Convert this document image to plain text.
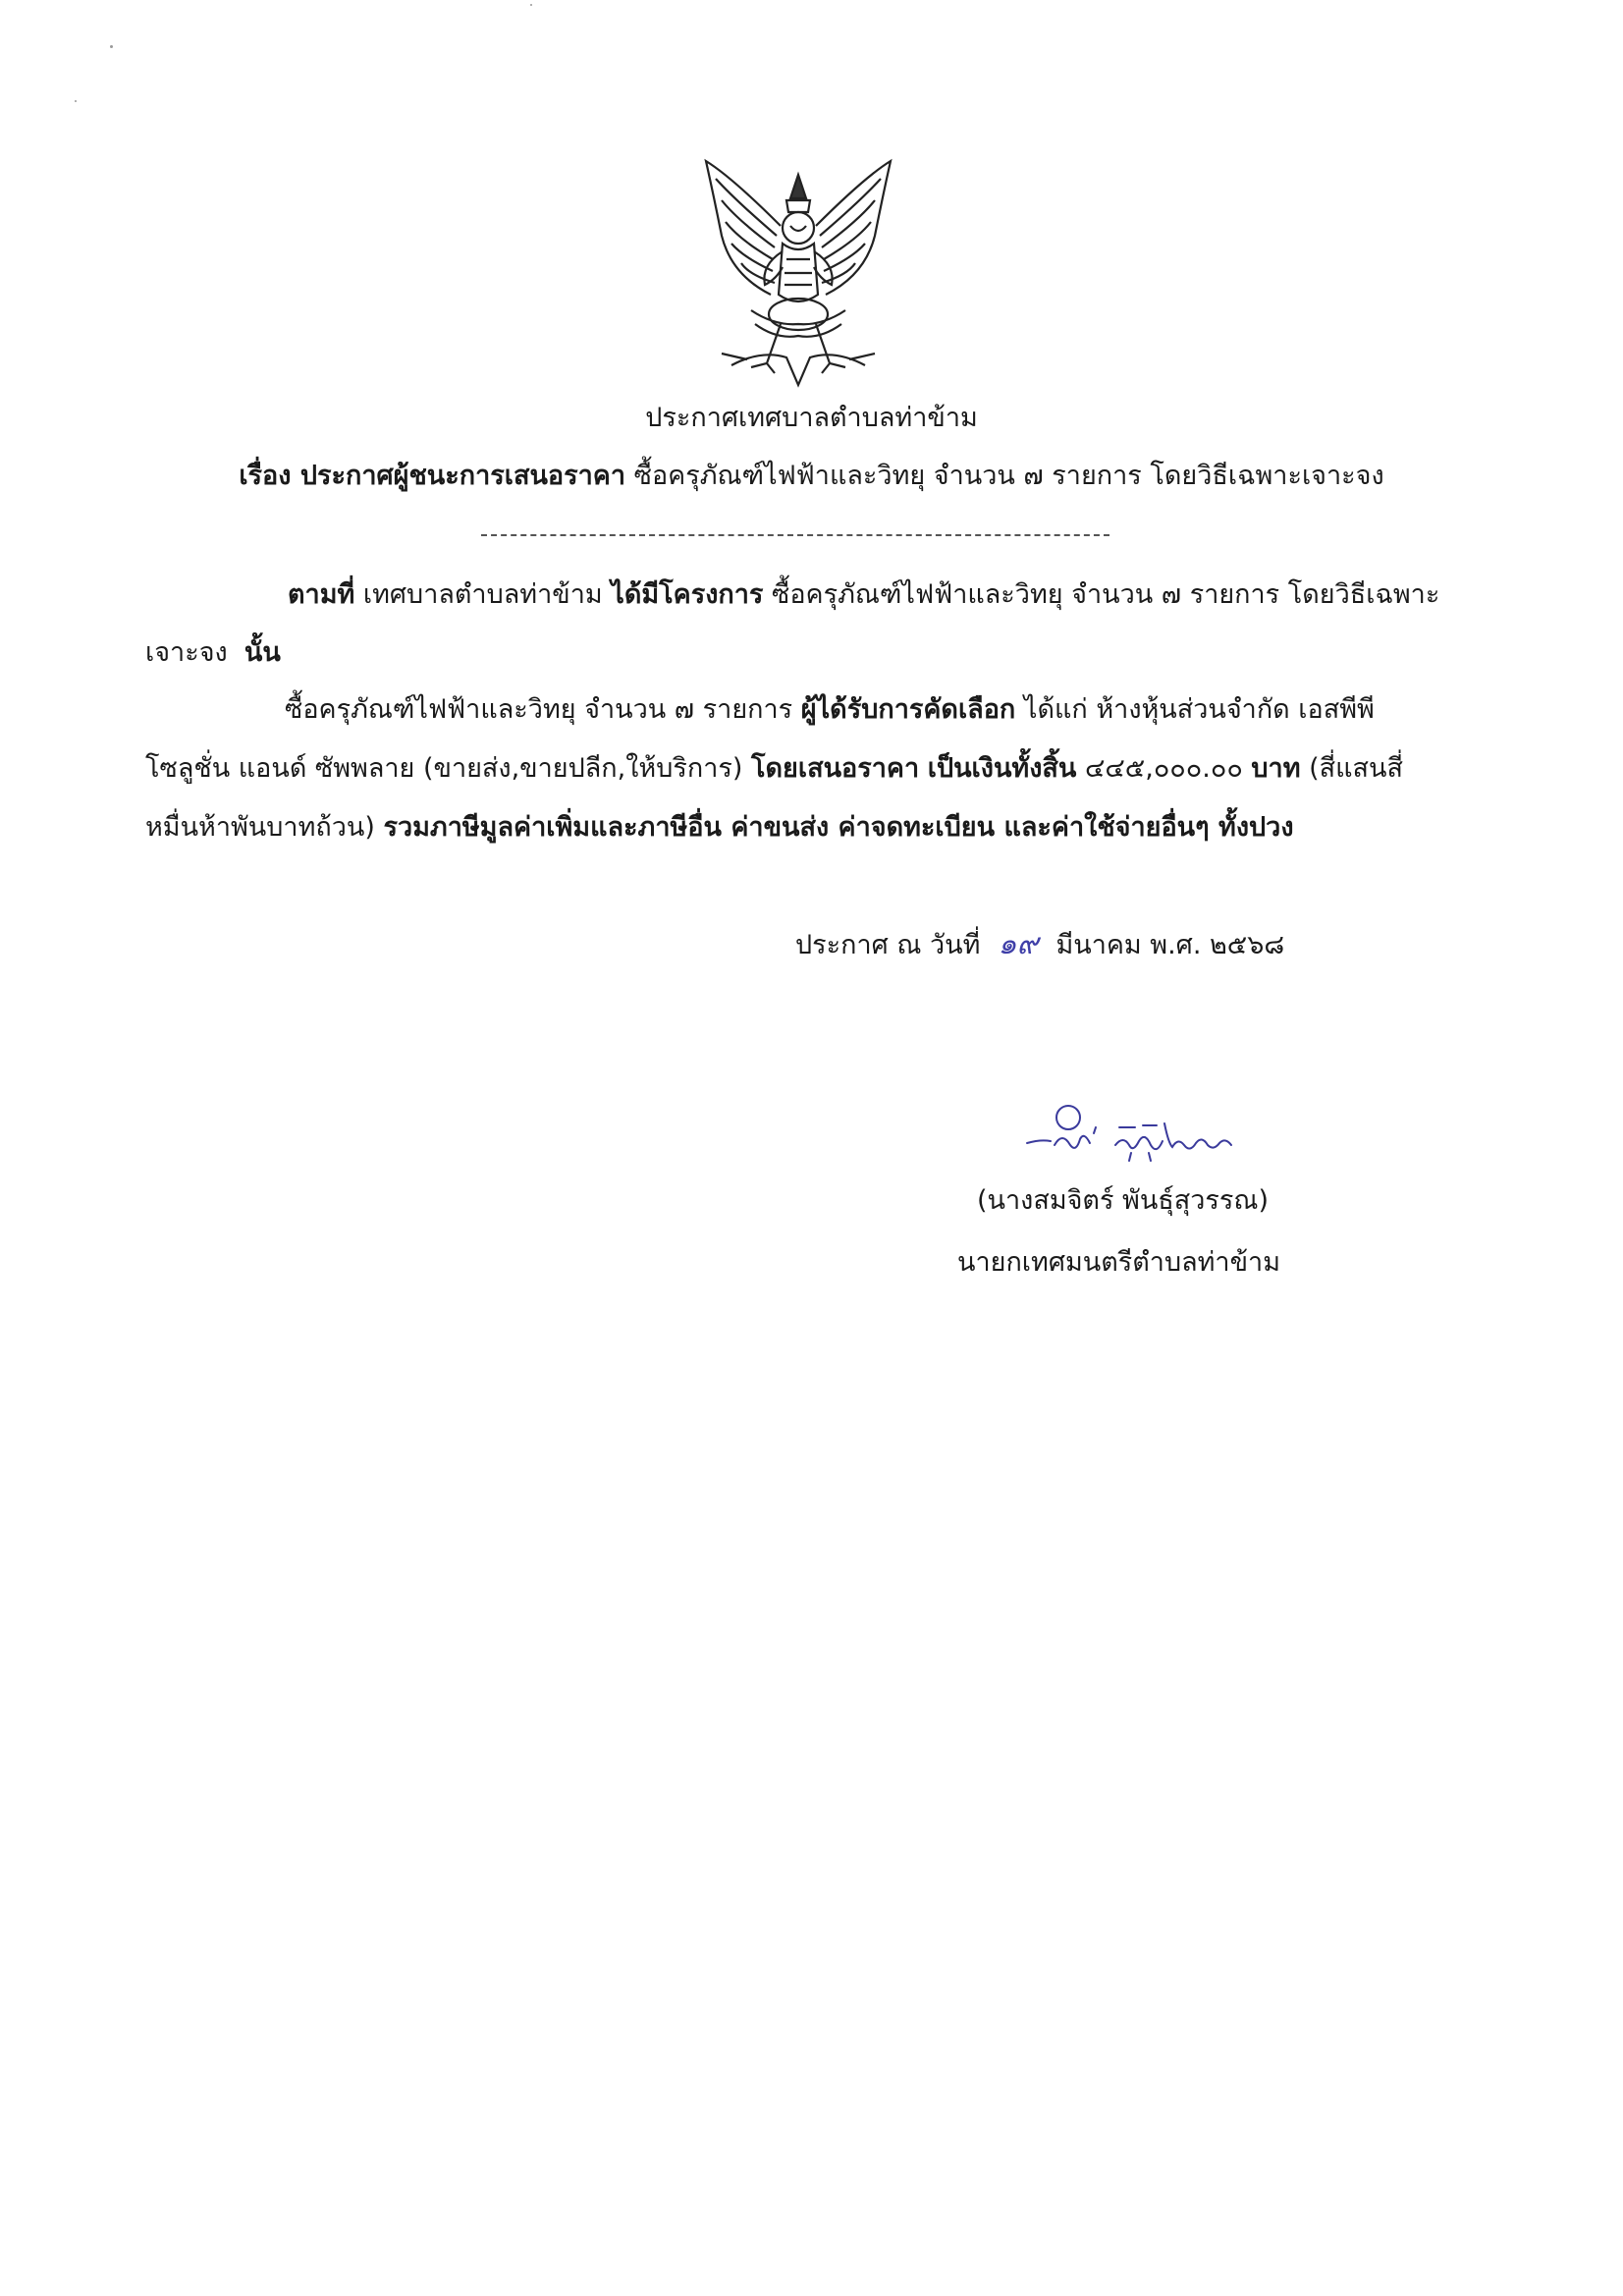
ประกาศเทศบาลตำบลท่าข้าม
เรื่อง ประกาศผู้ชนะการเสนอราคา ซื้อครุภัณฑ์ไฟฟ้าและวิทยุ จำนวน ๗ รายการ โดยวิธีเฉพาะเจาะจง
ตามที่ เทศบาลตำบลท่าข้าม ได้มีโครงการ ซื้อครุภัณฑ์ไฟฟ้าและวิทยุ จำนวน ๗ รายการ โดยวิธีเฉพาะ
เจาะจง นั้น
ซื้อครุภัณฑ์ไฟฟ้าและวิทยุ จำนวน ๗ รายการ ผู้ได้รับการคัดเลือก ได้แก่ ห้างหุ้นส่วนจำกัด เอสพีพี
โซลูชั่น แอนด์ ซัพพลาย (ขายส่ง,ขายปลีก,ให้บริการ) โดยเสนอราคา เป็นเงินทั้งสิ้น ๔๔๕,๐๐๐.๐๐ บาท (สี่แสนสี่
หมื่นห้าพันบาทถ้วน) รวมภาษีมูลค่าเพิ่มและภาษีอื่น ค่าขนส่ง ค่าจดทะเบียน และค่าใช้จ่ายอื่นๆ ทั้งปวง
ประกาศ ณ วันที่ ๑๙ มีนาคม พ.ศ. ๒๕๖๘
(นางสมจิตร์ พันธุ์สุวรรณ)
นายกเทศมนตรีตำบลท่าข้าม
